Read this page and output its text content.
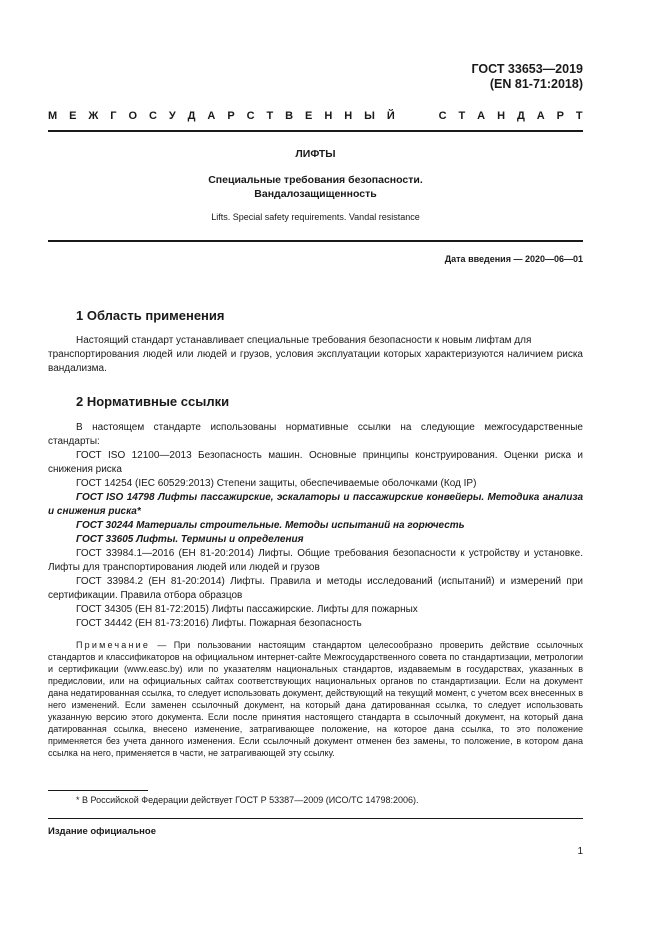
ГОСТ 33653—2019
(EN 81-71:2018)
М Е Ж Г О С У Д А Р С Т В Е Н Н Ы Й	С Т А Н Д А Р Т
ЛИФТЫ
Специальные требования безопасности.
Вандалозащищенность
Lifts. Special safety requirements. Vandal resistance
Дата введения — 2020—06—01
1 Область применения
Настоящий стандарт устанавливает специальные требования безопасности к новым лифтам для
транспортирования людей или людей и грузов, условия эксплуатации которых характеризуются наличием риска вандализма.
2 Нормативные ссылки
В настоящем стандарте использованы нормативные ссылки на следующие межгосударственные стандарты:
ГОСТ ISO 12100—2013 Безопасность машин. Основные принципы конструирования. Оценки риска и снижения риска
ГОСТ 14254 (IEC 60529:2013) Степени защиты, обеспечиваемые оболочками (Код IP)
ГОСТ ISO 14798 Лифты пассажирские, эскалаторы и пассажирские конвейеры. Методика анализа и снижения риска*
ГОСТ 30244 Материалы строительные. Методы испытаний на горючесть
ГОСТ 33605 Лифты. Термины и определения
ГОСТ 33984.1—2016 (ЕН 81-20:2014) Лифты. Общие требования безопасности к устройству и установке. Лифты для транспортирования людей или людей и грузов
ГОСТ 33984.2 (ЕН 81-20:2014) Лифты. Правила и методы исследований (испытаний) и измерений при сертификации. Правила отбора образцов
ГОСТ 34305 (ЕН 81-72:2015) Лифты пассажирские. Лифты для пожарных
ГОСТ 34442 (ЕН 81-73:2016) Лифты. Пожарная безопасность
Примечание — При пользовании настоящим стандартом целесообразно проверить действие ссылочных стандартов и классификаторов на официальном интернет-сайте Межгосударственного совета по стандартизации, метрологии и сертификации (www.easc.by) или по указателям национальных стандартов, издаваемым в государствах, указанных в предисловии, или на официальных сайтах соответствующих национальных органов по стандартизации. Если на документ дана недатированная ссылка, то следует использовать документ, действующий на текущий момент, с учетом всех внесенных в него изменений. Если заменен ссылочный документ, на который дана датированная ссылка, то следует использовать указанную версию этого документа. Если после принятия настоящего стандарта в ссылочный документ, на который дана датированная ссылка, внесено изменение, затрагивающее положение, на которое дана ссылка, то это положение применяется без учета данного изменения. Если ссылочный документ отменен без замены, то положение, в котором дана ссылка на него, применяется в части, не затрагивающей эту ссылку.
* В Российской Федерации действует ГОСТ Р 53387—2009 (ИСО/ТС 14798:2006).
Издание официальное
1
